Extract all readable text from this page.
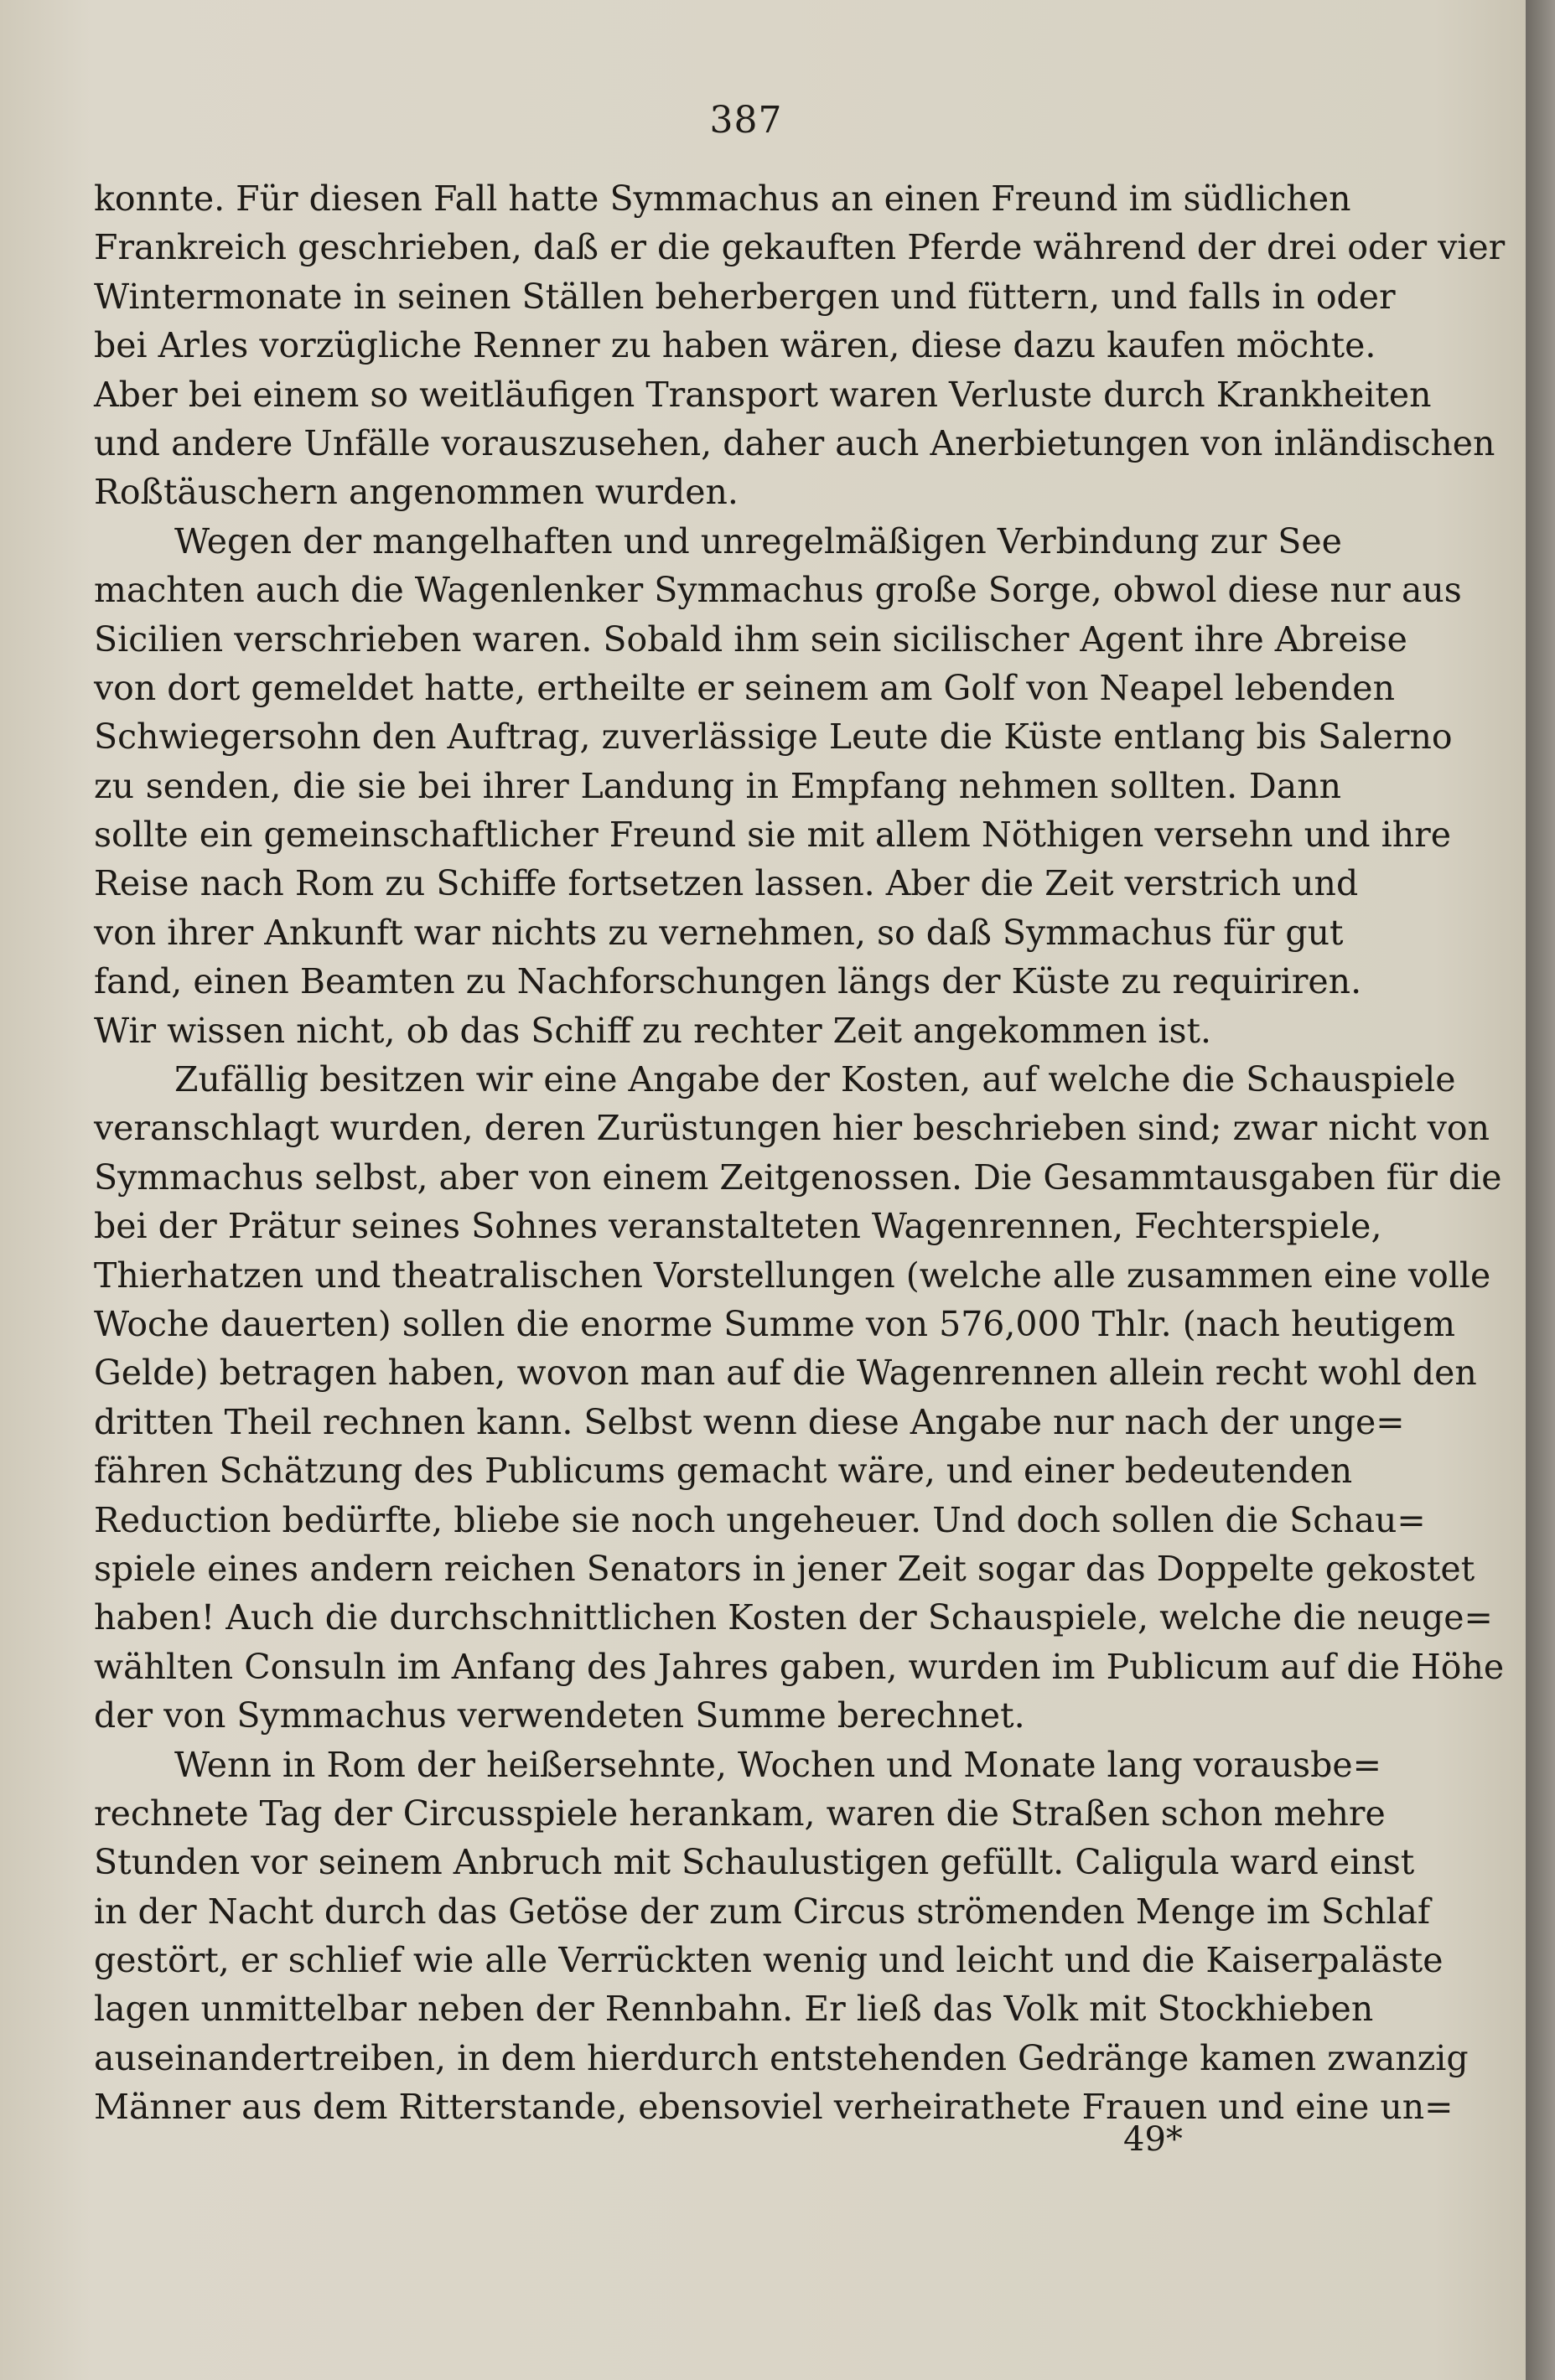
387
konnte. Für diesen Fall hatte Symmachus an einen Freund im südlichen
Frankreich geschrieben, daß er die gekauften Pferde während der drei oder vier
Wintermonate in seinen Ställen beherbergen und füttern, und falls in oder
bei Arles vorzügliche Renner zu haben wären, diese dazu kaufen möchte.
Aber bei einem so weitläufigen Transport waren Verluste durch Krankheiten
und andere Unfälle vorauszusehen, daher auch Anerbietungen von inländischen
Roßtäuschern angenommen wurden.
Wegen der mangelhaften und unregelmäßigen Verbindung zur See
machten auch die Wagenlenker Symmachus große Sorge, obwol diese nur aus
Sicilien verschrieben waren. Sobald ihm sein sicilischer Agent ihre Abreise
von dort gemeldet hatte, ertheilte er seinem am Golf von Neapel lebenden
Schwiegersohn den Auftrag, zuverlässige Leute die Küste entlang bis Salerno
zu senden, die sie bei ihrer Landung in Empfang nehmen sollten. Dann
sollte ein gemeinschaftlicher Freund sie mit allem Nöthigen versehn und ihre
Reise nach Rom zu Schiffe fortsetzen lassen. Aber die Zeit verstrich und
von ihrer Ankunft war nichts zu vernehmen, so daß Symmachus für gut
fand, einen Beamten zu Nachforschungen längs der Küste zu requiriren.
Wir wissen nicht, ob das Schiff zu rechter Zeit angekommen ist.
Zufällig besitzen wir eine Angabe der Kosten, auf welche die Schauspiele
veranschlagt wurden, deren Zurüstungen hier beschrieben sind; zwar nicht von
Symmachus selbst, aber von einem Zeitgenossen. Die Gesammtausgaben für die
bei der Prätur seines Sohnes veranstalteten Wagenrennen, Fechterspiele,
Thierhatzen und theatralischen Vorstellungen (welche alle zusammen eine volle
Woche dauerten) sollen die enorme Summe von 576,000 Thlr. (nach heutigem
Gelde) betragen haben, wovon man auf die Wagenrennen allein recht wohl den
dritten Theil rechnen kann. Selbst wenn diese Angabe nur nach der unge=
fähren Schätzung des Publicums gemacht wäre, und einer bedeutenden
Reduction bedürfte, bliebe sie noch ungeheuer. Und doch sollen die Schau=
spiele eines andern reichen Senators in jener Zeit sogar das Doppelte gekostet
haben! Auch die durchschnittlichen Kosten der Schauspiele, welche die neuge=
wählten Consuln im Anfang des Jahres gaben, wurden im Publicum auf die Höhe
der von Symmachus verwendeten Summe berechnet.
Wenn in Rom der heißersehnte, Wochen und Monate lang vorausbe=
rechnete Tag der Circusspiele herankam, waren die Straßen schon mehre
Stunden vor seinem Anbruch mit Schaulustigen gefüllt. Caligula ward einst
in der Nacht durch das Getöse der zum Circus strömenden Menge im Schlaf
gestört, er schlief wie alle Verrückten wenig und leicht und die Kaiserpaläste
lagen unmittelbar neben der Rennbahn. Er ließ das Volk mit Stockhieben
auseinandertreiben, in dem hierdurch entstehenden Gedränge kamen zwanzig
Männer aus dem Ritterstande, ebensoviel verheirathete Frauen und eine un=
49*
